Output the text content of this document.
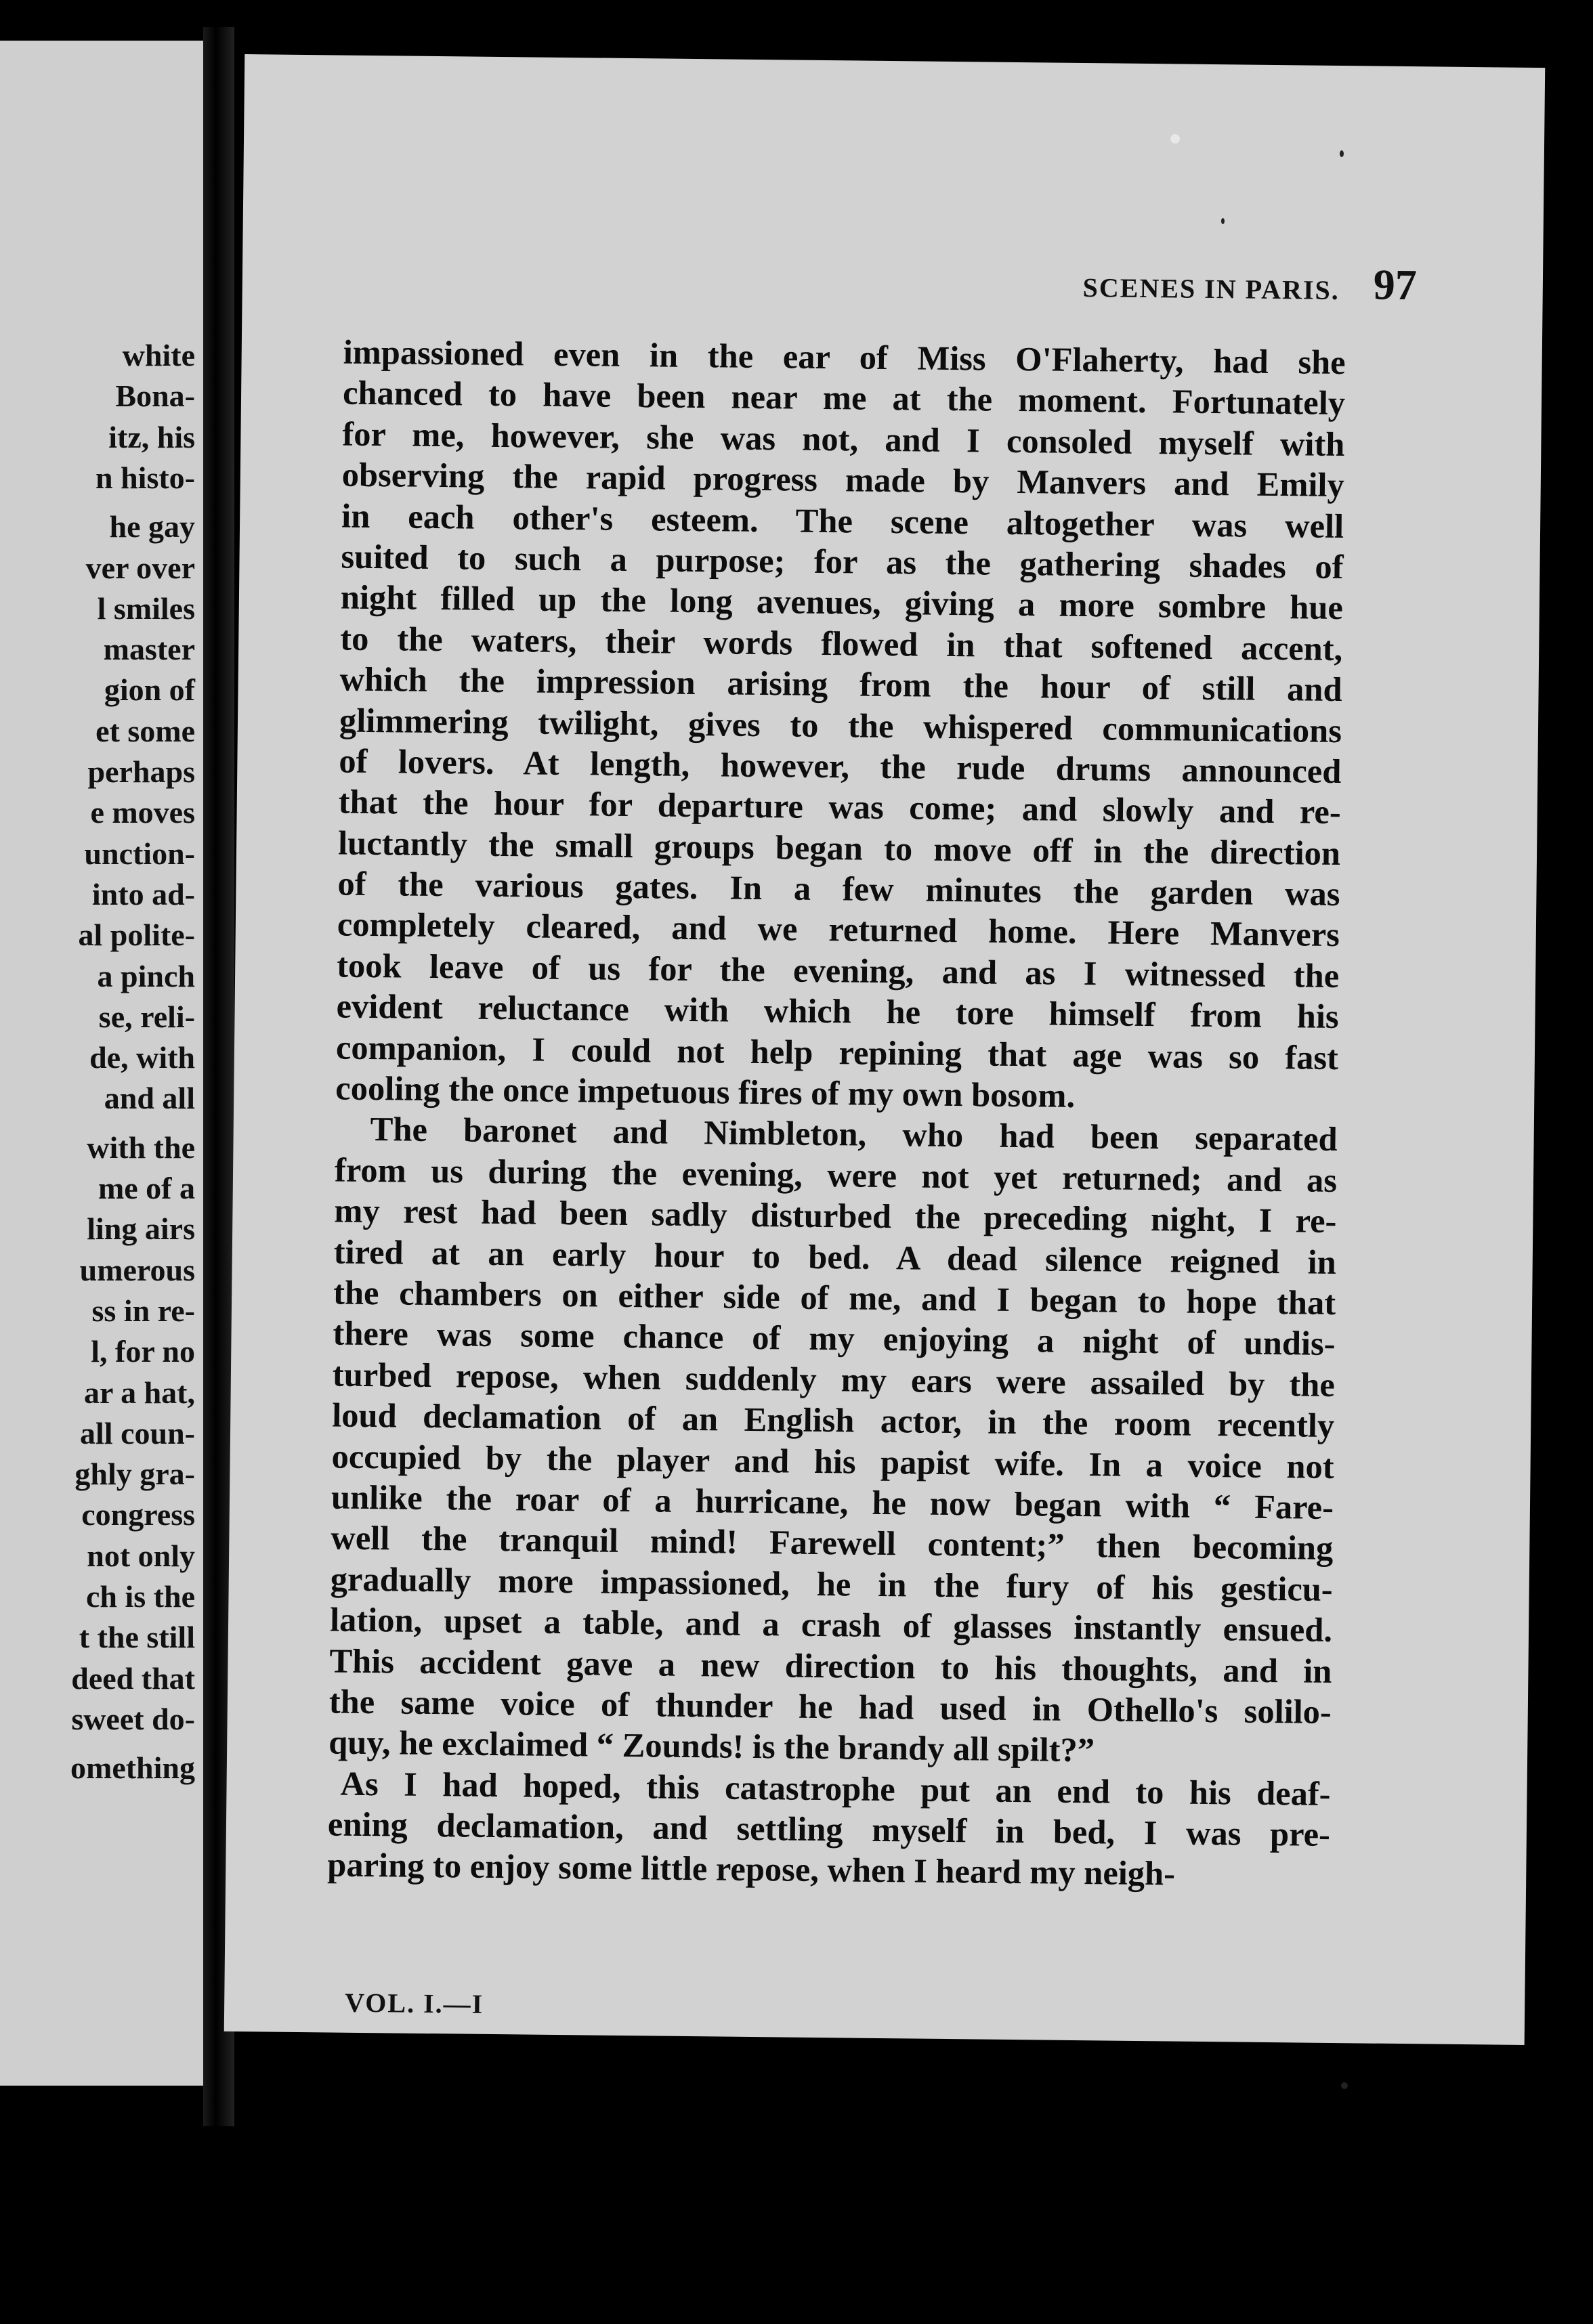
white
Bona-
itz, his
n histo-
he gay
ver over
l smiles
master
gion of
et some
perhaps
e moves
unction-
into ad-
al polite-
a pinch
se, reli-
de, with
and all
with the
me of a
ling airs
umerous
ss in re-
l, for no
ar a hat,
all coun-
ghly gra-
congress
not only
ch is the
t the still
deed that
sweet do-
omething
SCENES IN PARIS. 97
impassioned even in the ear of Miss O'Flaherty, had she
chanced to have been near me at the moment. Fortunately
for me, however, she was not, and I consoled myself with
observing the rapid progress made by Manvers and Emily
in each other's esteem. The scene altogether was well
suited to such a purpose; for as the gathering shades of
night filled up the long avenues, giving a more sombre hue
to the waters, their words flowed in that softened accent,
which the impression arising from the hour of still and
glimmering twilight, gives to the whispered communications
of lovers. At length, however, the rude drums announced
that the hour for departure was come; and slowly and re-
luctantly the small groups began to move off in the direction
of the various gates. In a few minutes the garden was
completely cleared, and we returned home. Here Manvers
took leave of us for the evening, and as I witnessed the
evident reluctance with which he tore himself from his
companion, I could not help repining that age was so fast
cooling the once impetuous fires of my own bosom.
The baronet and Nimbleton, who had been separated
from us during the evening, were not yet returned; and as
my rest had been sadly disturbed the preceding night, I re-
tired at an early hour to bed. A dead silence reigned in
the chambers on either side of me, and I began to hope that
there was some chance of my enjoying a night of undis-
turbed repose, when suddenly my ears were assailed by the
loud declamation of an English actor, in the room recently
occupied by the player and his papist wife. In a voice not
unlike the roar of a hurricane, he now began with “ Fare-
well the tranquil mind! Farewell content;” then becoming
gradually more impassioned, he in the fury of his gesticu-
lation, upset a table, and a crash of glasses instantly ensued.
This accident gave a new direction to his thoughts, and in
the same voice of thunder he had used in Othello's solilo-
quy, he exclaimed “ Zounds! is the brandy all spilt?”
As I had hoped, this catastrophe put an end to his deaf-
ening declamation, and settling myself in bed, I was pre-
paring to enjoy some little repose, when I heard my neigh-
VOL. I.—I
